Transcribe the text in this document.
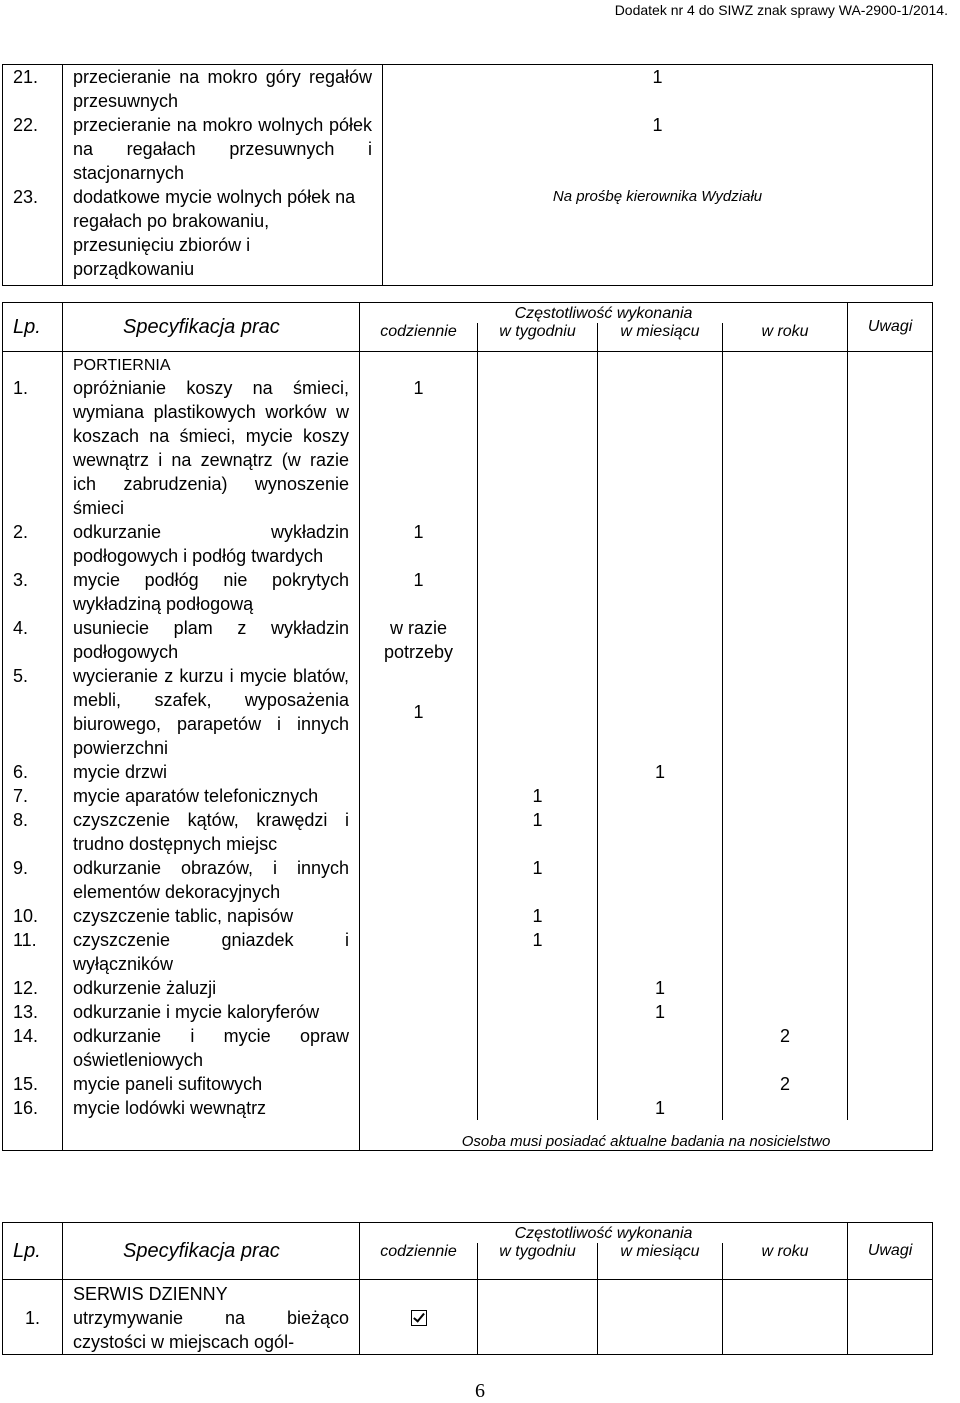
Dodatek nr 4 do SIWZ znak sprawy WA-2900-1/2014.
21.	przecieranie na mokro góry regałów przesuwnych	1
22.	przecieranie na mokro wolnych półek na regałach przesuwnych i stacjonarnych	1
23.	dodatkowe mycie wolnych półek na regałach po brakowaniu, przesunięciu zbiorów i porządkowaniu	Na prośbę kierownika Wydziału
Lp.	Specyfikacja prac	Częstotliwość wykonania				Uwagi
		codziennie	w tygodniu	w miesiącu	w roku	
	PORTIERNIA					
1.	opróżnianie koszy na śmieci, wymiana plastikowych worków w koszach na śmieci, mycie koszy wewnątrz i na zewnątrz (w razie ich zabrudzenia) wynoszenie śmieci	1				
2.	odkurzanie wykładzin podłogowych i podłóg twardych	1				
3.	mycie podłóg nie pokrytych wykładziną podłogową	1				
4.	usuniecie plam z wykładzin podłogowych	w razie potrzeby				
5.	wycieranie z kurzu i mycie blatów, mebli, szafek, wyposażenia biurowego, parapetów i innych powierzchni	1				
6.	mycie drzwi			1		
7.	mycie aparatów telefonicznych		1			
8.	czyszczenie kątów, krawędzi i trudno dostępnych miejsc		1			
9.	odkurzanie obrazów, i innych elementów dekoracyjnych		1			
10.	czyszczenie tablic, napisów		1			
11.	czyszczenie gniazdek i wyłączników		1			
12.	odkurzenie żaluzji			1		
13.	odkurzanie i mycie kaloryferów			1		
14.	odkurzanie i mycie opraw oświetleniowych				2	
15.	mycie paneli sufitowych				2	
16.	mycie lodówki wewnątrz			1		
		Osoba musi posiadać aktualne badania na nosicielstwo				
Lp.	Specyfikacja prac	Częstotliwość wykonania				Uwagi
		codziennie	w tygodniu	w miesiącu	w roku	
	SERWIS DZIENNY					
1.	utrzymywanie na bieżąco czystości w miejscach ogól-					
6
